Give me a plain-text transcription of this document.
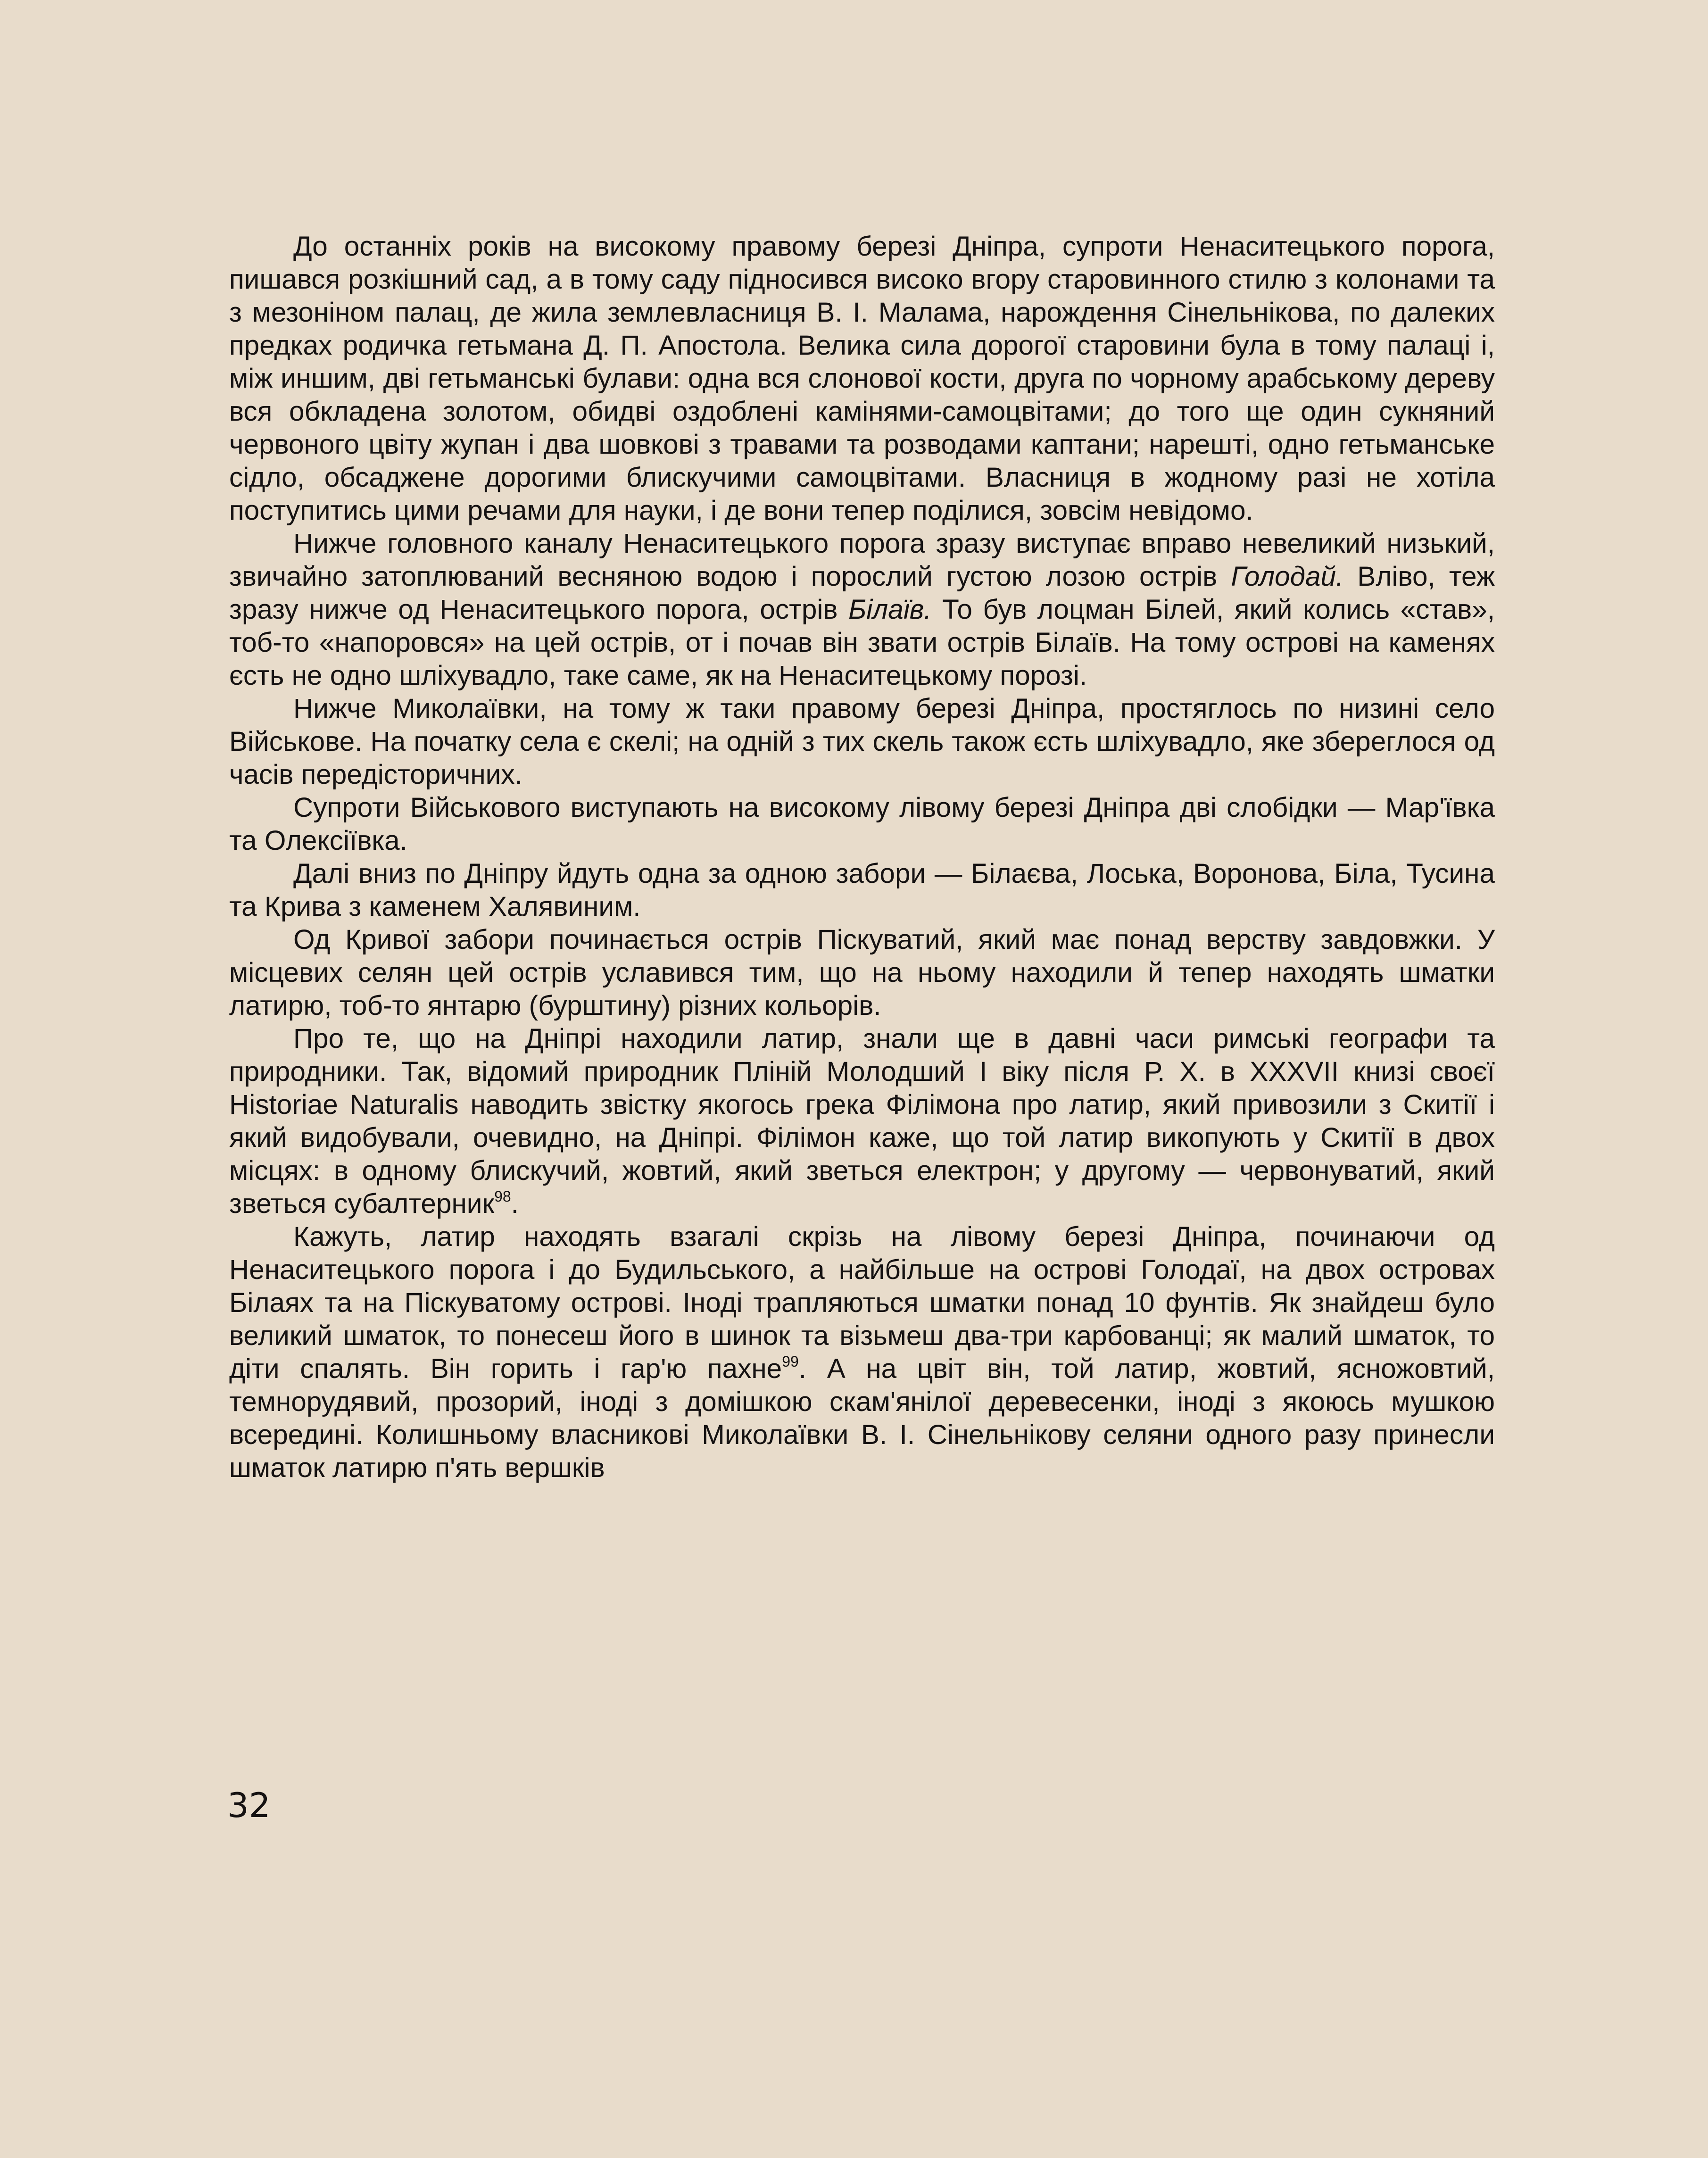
До останніх років на високому правому березі Дніпра, супроти Ненаситецького порога, пишався розкішний сад, а в тому саду підносився високо вгору старовинного стилю з колонами та з мезоніном палац, де жила землевласниця В. І. Малама, нарождення Сінельнікова, по далеких предках родичка гетьмана Д. П. Апостола. Велика сила дорогої старовини була в тому палаці і, між иншим, дві гетьманські булави: одна вся слонової кости, друга по чорному арабському дереву вся обкладена золотом, обидві оздоблені камінями-самоцвітами; до того ще один сукняний червоного цвіту жупан і два шовкові з травами та розводами каптани; нарешті, одно гетьманське сідло, обсаджене дорогими блискучими самоцвітами. Власниця в жодному разі не хотіла поступитись цими речами для науки, і де вони тепер поділися, зовсім невідомо.

Нижче головного каналу Ненаситецького порога зразу виступає вправо невеликий низький, звичайно затоплюваний весняною водою і порослий густою лозою острів Голодай. Вліво, теж зразу нижче од Ненаситецького порога, острів Білаїв. То був лоцман Білей, який колись «став», тоб-то «напоровся» на цей острів, от і почав він звати острів Білаїв. На тому острові на каменях єсть не одно шліхувадло, таке саме, як на Ненаситецькому порозі.

Нижче Миколаївки, на тому ж таки правому березі Дніпра, простяглось по низині село Військове. На початку села є скелі; на одній з тих скель також єсть шліхувадло, яке збереглося од часів передісторичних.

Супроти Військового виступають на високому лівому березі Дніпра дві слобідки — Мар'ївка та Олексіївка.

Далі вниз по Дніпру йдуть одна за одною забори — Білаєва, Лоська, Воронова, Біла, Тусина та Крива з каменем Халявиним.

Од Кривої забори починається острів Піскуватий, який має понад верству завдовжки. У місцевих селян цей острів уславився тим, що на ньому находили й тепер находять шматки латирю, тоб-то янтарю (бурштину) різних кольорів.

Про те, що на Дніпрі находили латир, знали ще в давні часи римські географи та природники. Так, відомий природник Пліній Молодший І віку після Р. Х. в XXXVII книзі своєї Historiae Naturalis наводить звістку якогось грека Філімона про латир, який привозили з Скитії і який видобували, очевидно, на Дніпрі. Філімон каже, що той латир викопують у Скитії в двох місцях: в одному блискучий, жовтий, який зветься електрон; у другому — червонуватий, який зветься субалтерник$^{98}$.

Кажуть, латир находять взагалі скрізь на лівому березі Дніпра, починаючи од Ненаситецького порога і до Будильського, а найбільше на острові Голодаї, на двох островах Білаях та на Піскуватому острові. Іноді трапляються шматки понад 10 фунтів. Як знайдеш було великий шматок, то понесеш його в шинок та візьмеш два-три карбованці; як малий шматок, то діти спалять. Він горить і гар'ю пахне$^{99}$. А на цвіт він, той латир, жовтий, ясножовтий, темнорудявий, прозорий, іноді з домішкою скам'янілої деревесенки, іноді з якоюсь мушкою всередині. Колишньому власникові Миколаївки В. І. Сінельнікову селяни одного разу принесли шматок латирю п'ять вершків

32
